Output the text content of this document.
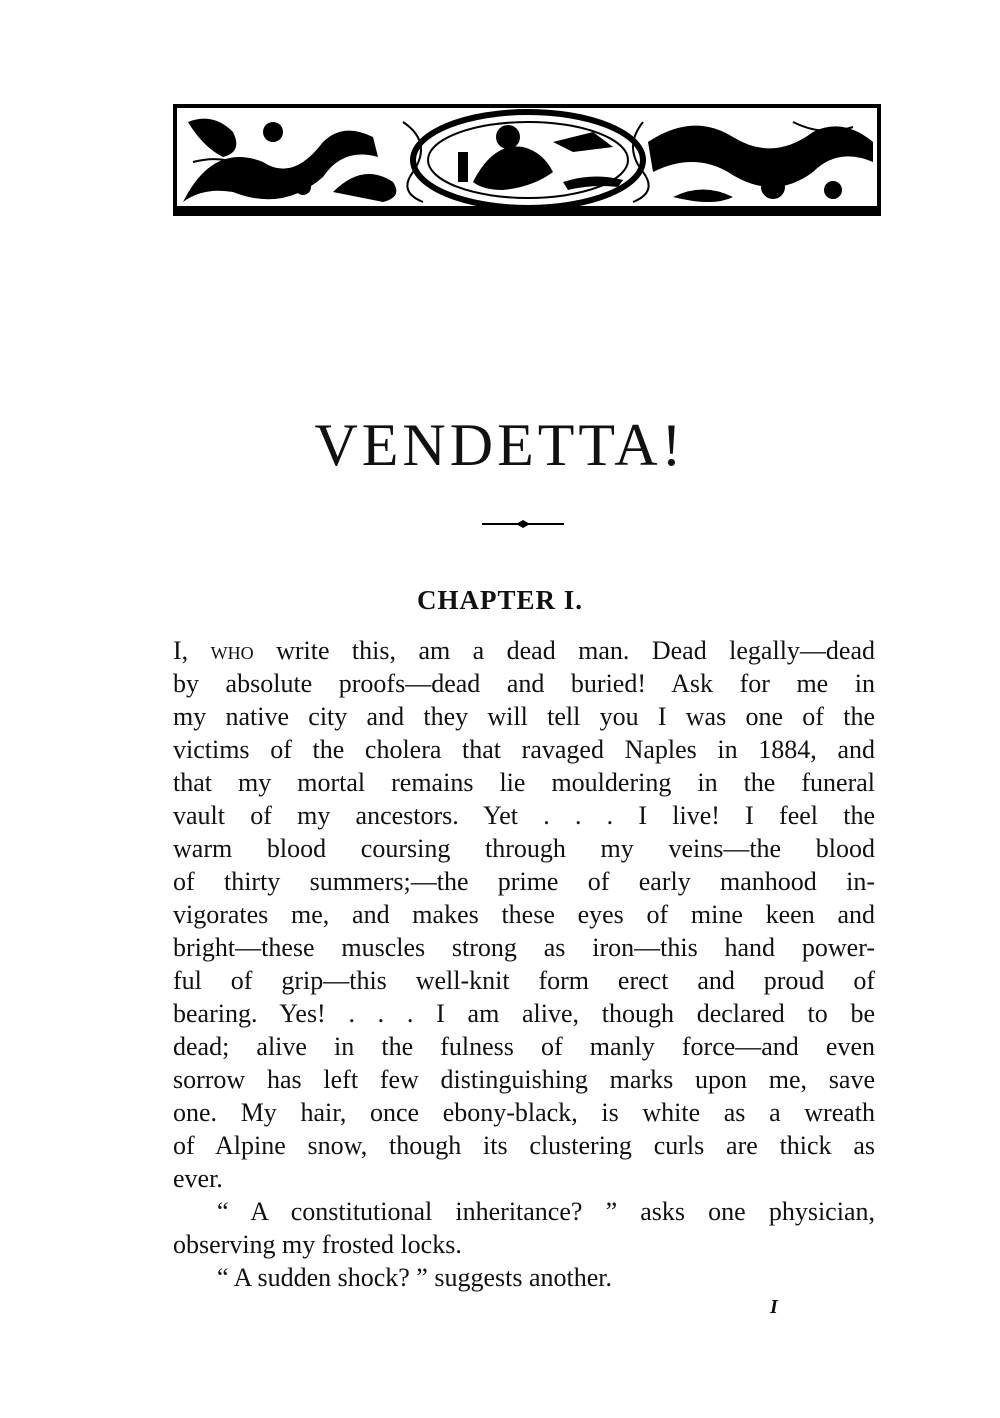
VENDETTA!
CHAPTER I.
I, who write this, am a dead man. Dead legally—dead
by absolute proofs—dead and buried! Ask for me in
my native city and they will tell you I was one of the
victims of the cholera that ravaged Naples in 1884, and
that my mortal remains lie mouldering in the funeral
vault of my ancestors. Yet . . . I live! I feel the
warm blood coursing through my veins—the blood
of thirty summers;—the prime of early manhood in-
vigorates me, and makes these eyes of mine keen and
bright—these muscles strong as iron—this hand power-
ful of grip—this well-knit form erect and proud of
bearing. Yes! . . . I am alive, though declared to be
dead; alive in the fulness of manly force—and even
sorrow has left few distinguishing marks upon me, save
one. My hair, once ebony-black, is white as a wreath
of Alpine snow, though its clustering curls are thick as
ever.
“ A constitutional inheritance? ” asks one physician,
observing my frosted locks.
“ A sudden shock? ” suggests another.
I
